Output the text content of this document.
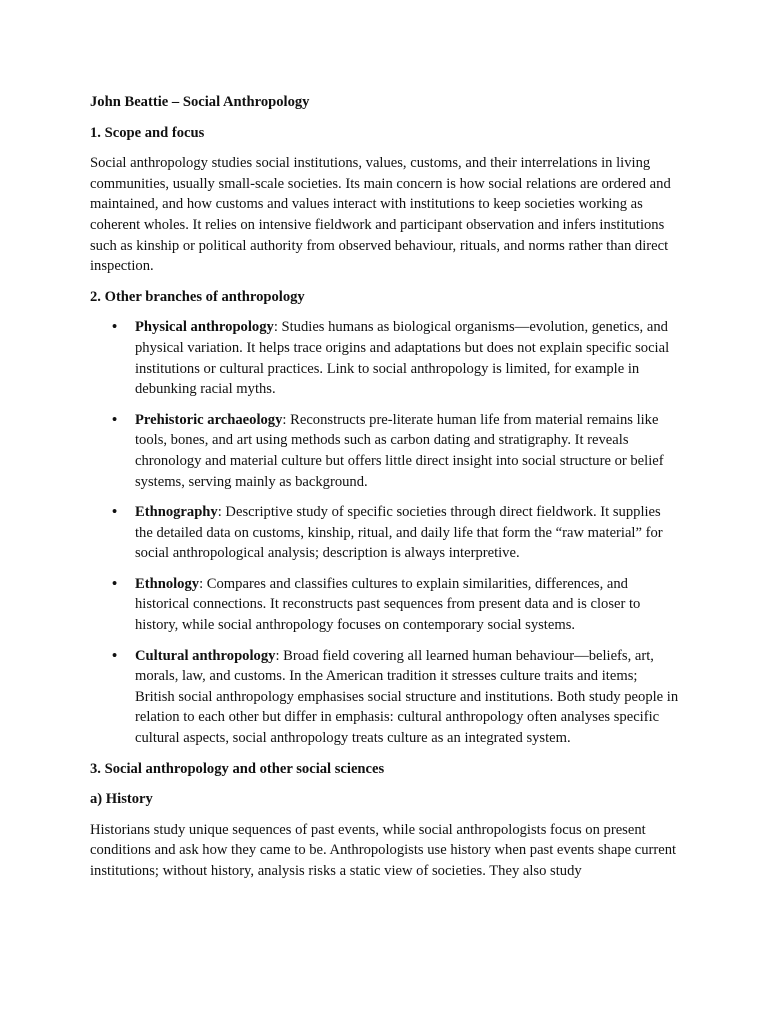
John Beattie – Social Anthropology

1. Scope and focus

Social anthropology studies social institutions, values, customs, and their interrelations in living communities, usually small-scale societies. Its main concern is how social relations are ordered and maintained, and how customs and values interact with institutions to keep societies working as coherent wholes. It relies on intensive fieldwork and participant observation and infers institutions such as kinship or political authority from observed behaviour, rituals, and norms rather than direct inspection.

2. Other branches of anthropology

• Physical anthropology: Studies humans as biological organisms—evolution, genetics, and physical variation. It helps trace origins and adaptations but does not explain specific social institutions or cultural practices. Link to social anthropology is limited, for example in debunking racial myths.
• Prehistoric archaeology: Reconstructs pre-literate human life from material remains like tools, bones, and art using methods such as carbon dating and stratigraphy. It reveals chronology and material culture but offers little direct insight into social structure or belief systems, serving mainly as background.
• Ethnography: Descriptive study of specific societies through direct fieldwork. It supplies the detailed data on customs, kinship, ritual, and daily life that form the “raw material” for social anthropological analysis; description is always interpretive.
• Ethnology: Compares and classifies cultures to explain similarities, differences, and historical connections. It reconstructs past sequences from present data and is closer to history, while social anthropology focuses on contemporary social systems.
• Cultural anthropology: Broad field covering all learned human behaviour—beliefs, art, morals, law, and customs. In the American tradition it stresses culture traits and items; British social anthropology emphasises social structure and institutions. Both study people in relation to each other but differ in emphasis: cultural anthropology often analyses specific cultural aspects, social anthropology treats culture as an integrated system.

3. Social anthropology and other social sciences

a) History

Historians study unique sequences of past events, while social anthropologists focus on present conditions and ask how they came to be. Anthropologists use history when past events shape current institutions; without history, analysis risks a static view of societies. They also study
